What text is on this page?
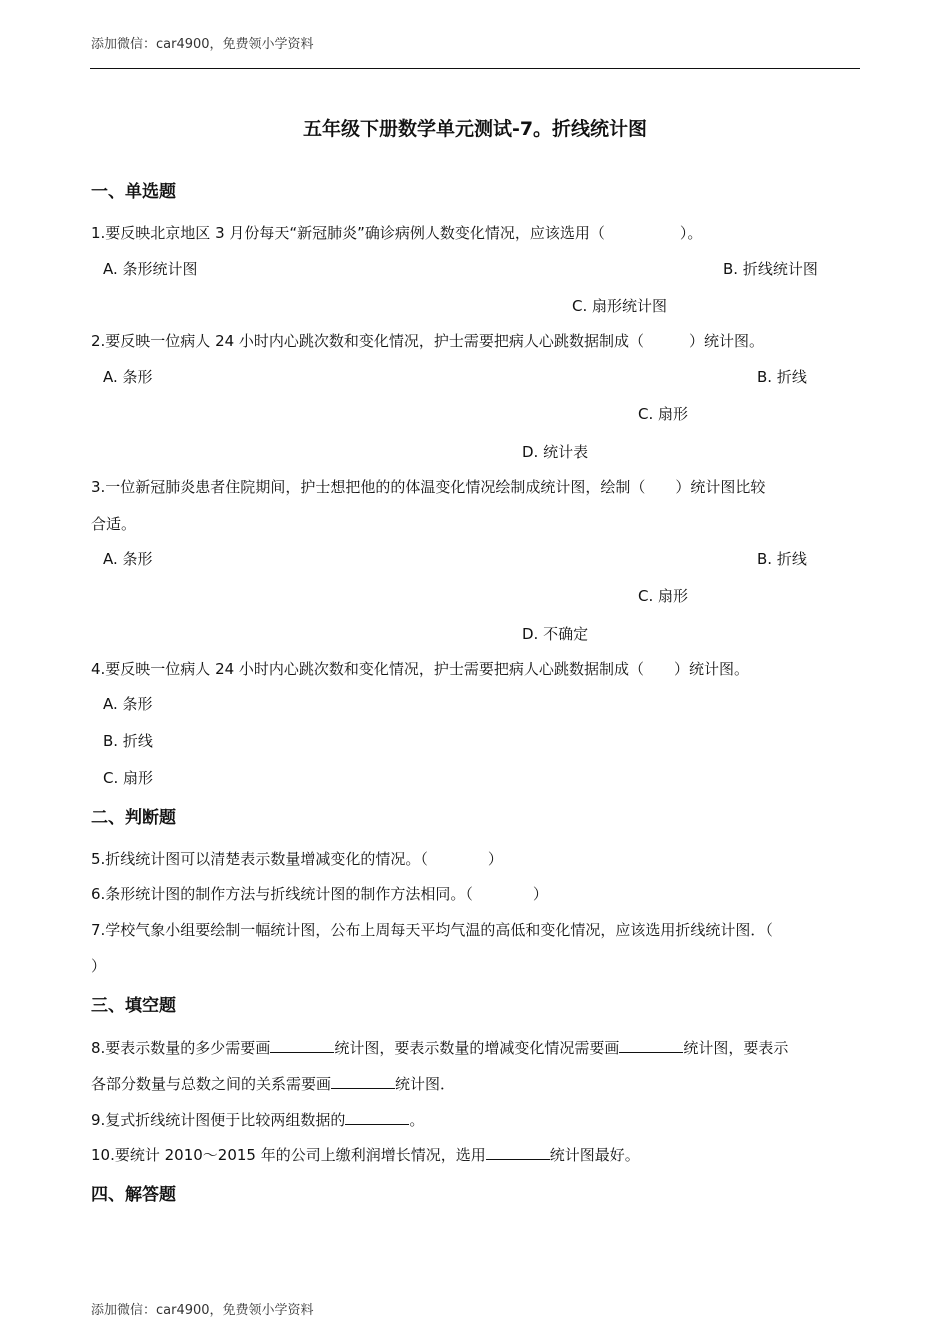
添加微信：car4900，免费领小学资料
五年级下册数学单元测试-7。折线统计图
一、单选题
1.要反映北京地区 3 月份每天“新冠肺炎”确诊病例人数变化情况，应该选用（　　　　　）。
A. 条形统计图	B. 折线统计图
C. 扇形统计图
2.要反映一位病人 24 小时内心跳次数和变化情况，护士需要把病人心跳数据制成（　　　）统计图。
A. 条形	B. 折线
C. 扇形
D. 统计表
3.一位新冠肺炎患者住院期间，护士想把他的的体温变化情况绘制成统计图，绘制（　　）统计图比较
合适。
A. 条形	B. 折线
C. 扇形
D. 不确定
4.要反映一位病人 24 小时内心跳次数和变化情况，护士需要把病人心跳数据制成（　　）统计图。
A. 条形
B. 折线
C. 扇形
二、判断题
5.折线统计图可以清楚表示数量增减变化的情况。（　　　　）
6.条形统计图的制作方法与折线统计图的制作方法相同。（　　　　）
7.学校气象小组要绘制一幅统计图，公布上周每天平均气温的高低和变化情况，应该选用折线统计图．（
）
三、填空题
8.要表示数量的多少需要画	统计图，要表示数量的增减变化情况需要画	统计图，要表示
各部分数量与总数之间的关系需要画	统计图．
9.复式折线统计图便于比较两组数据的	。
10.要统计 2010～2015 年的公司上缴利润增长情况，选用	统计图最好。
四、解答题
添加微信：car4900，免费领小学资料
